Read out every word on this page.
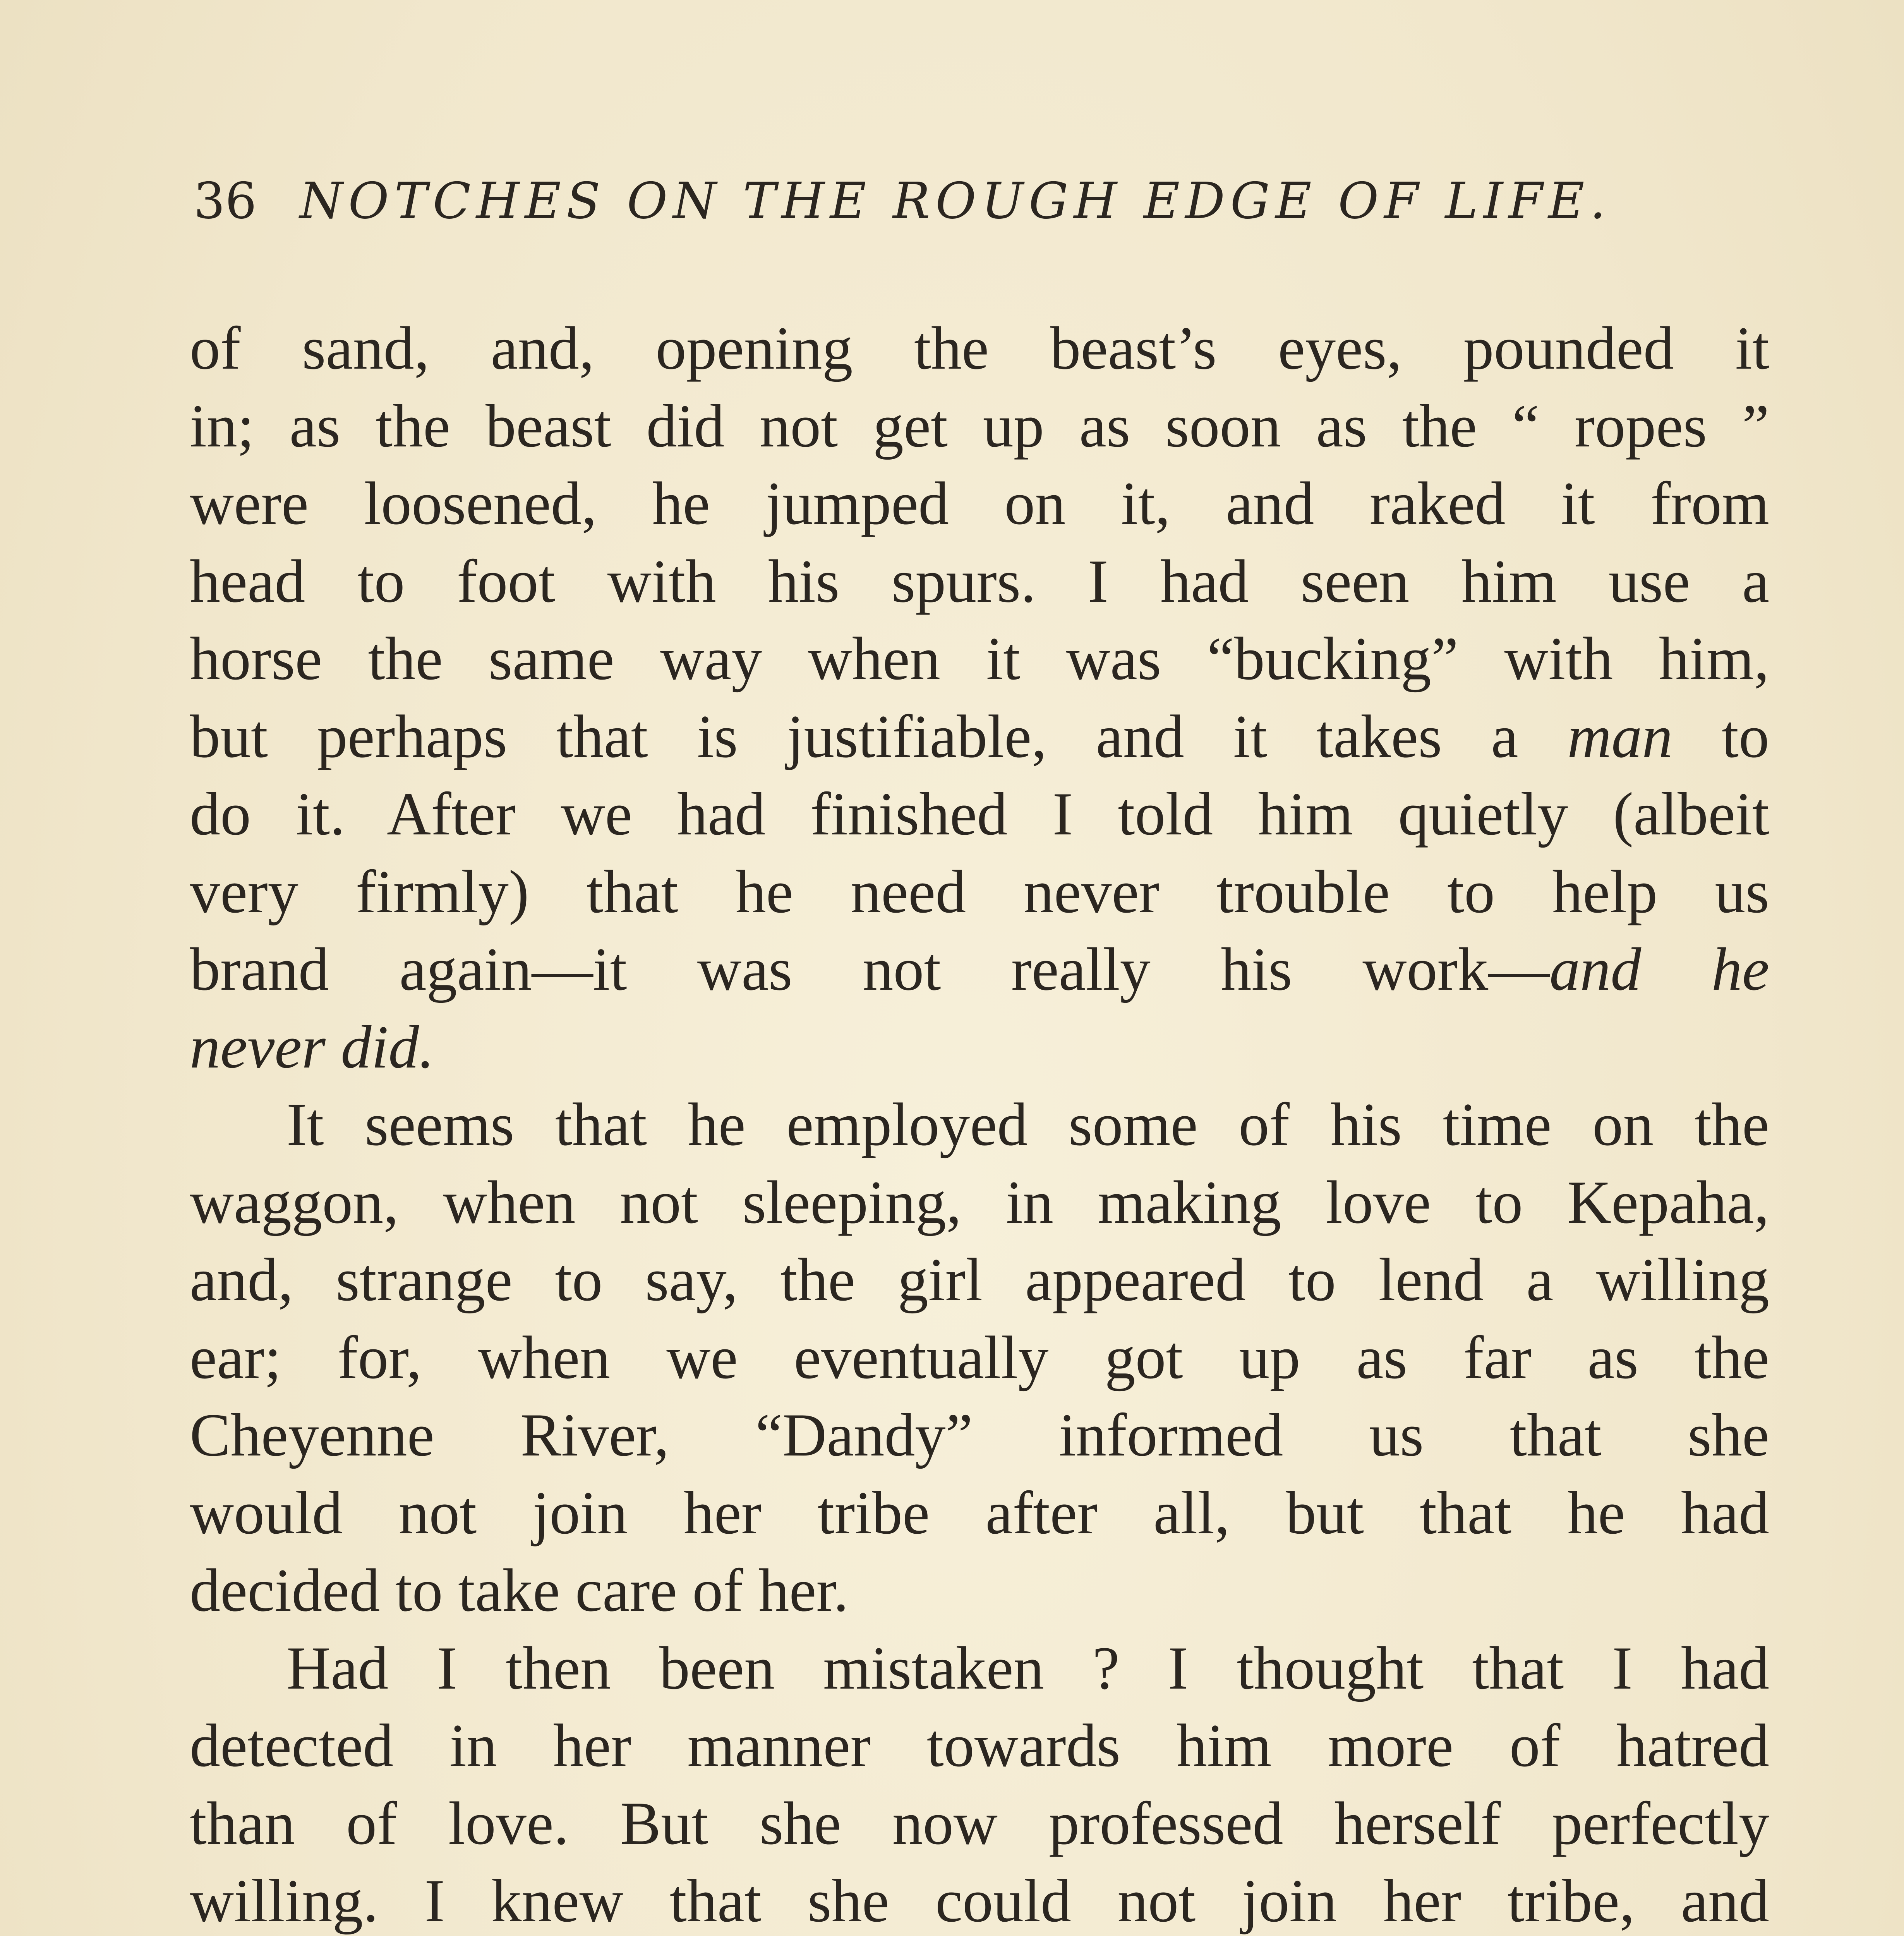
36 NOTCHES ON THE ROUGH EDGE OF LIFE.
of sand, and, opening the beast’s eyes, pounded it
in; as the beast did not get up as soon as the “ ropes ”
were loosened, he jumped on it, and raked it from
head to foot with his spurs. I had seen him use a
horse the same way when it was “bucking” with him,
but perhaps that is justifiable, and it takes a man to
do it. After we had finished I told him quietly (albeit
very firmly) that he need never trouble to help us
brand again—it was not really his work—and he
never did.
It seems that he employed some of his time on the
waggon, when not sleeping, in making love to Kepaha,
and, strange to say, the girl appeared to lend a willing
ear; for, when we eventually got up as far as the
Cheyenne River, “Dandy” informed us that she
would not join her tribe after all, but that he had
decided to take care of her.
Had I then been mistaken ? I thought that I had
detected in her manner towards him more of hatred
than of love. But she now professed herself perfectly
willing. I knew that she could not join her tribe, and
